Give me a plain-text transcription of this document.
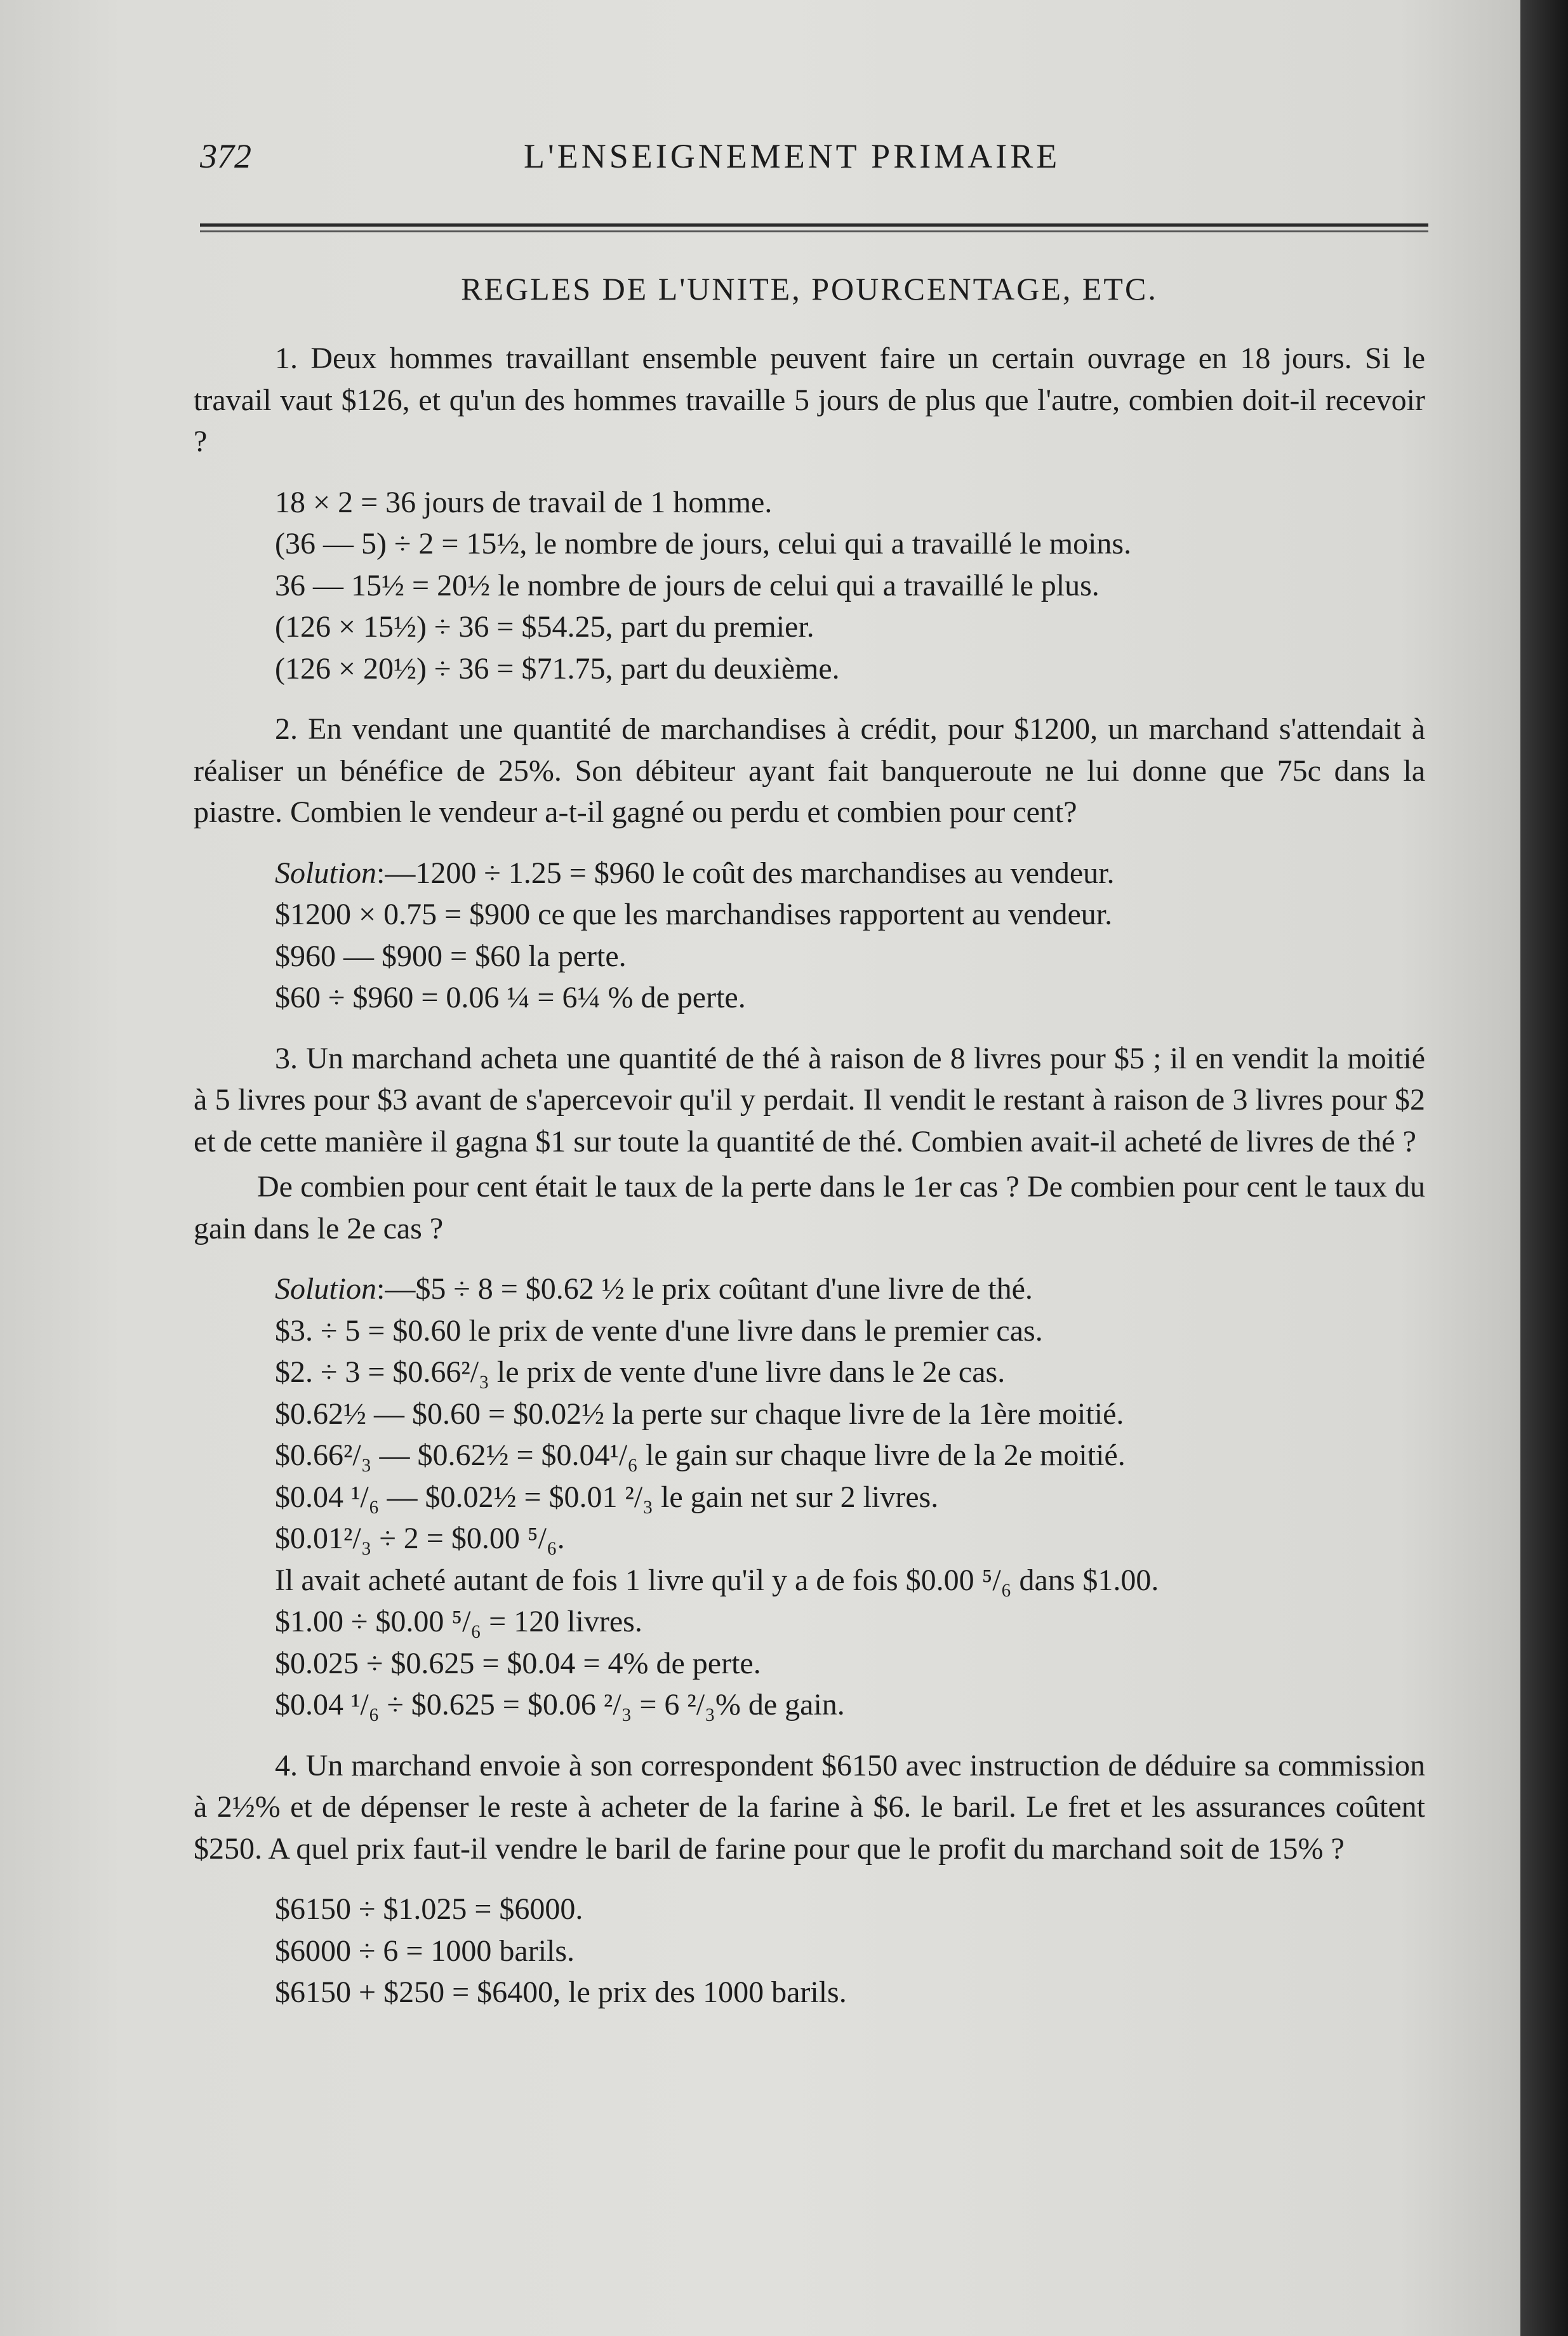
372	L'ENSEIGNEMENT PRIMAIRE
REGLES DE L'UNITE, POURCENTAGE, ETC.

1. Deux hommes travaillant ensemble peuvent faire un certain ouvrage en 18 jours. Si le travail vaut $126, et qu'un des hommes travaille 5 jours de plus que l'autre, combien doit-il recevoir ?

18 × 2 = 36 jours de travail de 1 homme.

(36 — 5) ÷ 2 = 15½, le nombre de jours, celui qui a travaillé le moins.

36 — 15½ = 20½ le nombre de jours de celui qui a travaillé le plus.

(126 × 15½) ÷ 36 = $54.25, part du premier.

(126 × 20½) ÷ 36 = $71.75, part du deuxième.

2. En vendant une quantité de marchandises à crédit, pour $1200, un marchand s'attendait à réaliser un bénéfice de 25%. Son débiteur ayant fait banqueroute ne lui donne que 75c dans la piastre. Combien le vendeur a-t-il gagné ou perdu et combien pour cent?

Solution:—1200 ÷ 1.25 = $960 le coût des marchandises au vendeur.

$1200 × 0.75 = $900 ce que les marchandises rapportent au vendeur.

$960 — $900 = $60 la perte.

$60 ÷ $960 = 0.06 ¼ = 6¼ % de perte.

3. Un marchand acheta une quantité de thé à raison de 8 livres pour $5 ; il en vendit la moitié à 5 livres pour $3 avant de s'apercevoir qu'il y perdait. Il vendit le restant à raison de 3 livres pour $2 et de cette manière il gagna $1 sur toute la quantité de thé. Combien avait-il acheté de livres de thé ?

De combien pour cent était le taux de la perte dans le 1er cas ? De combien pour cent le taux du gain dans le 2e cas ?

Solution:—$5 ÷ 8 = $0.62 ½ le prix coûtant d'une livre de thé.

$3. ÷ 5 = $0.60 le prix de vente d'une livre dans le premier cas.

$2. ÷ 3 = $0.66²/₃ le prix de vente d'une livre dans le 2e cas.

$0.62½ — $0.60 = $0.02½ la perte sur chaque livre de la 1ère moitié.

$0.66²/₃ — $0.62½ = $0.04¹/₆ le gain sur chaque livre de la 2e moitié.

$0.04 ¹/₆ — $0.02½ = $0.01 ²/₃ le gain net sur 2 livres.

$0.01²/₃ ÷ 2 = $0.00 ⁵/₆.

Il avait acheté autant de fois 1 livre qu'il y a de fois $0.00 ⁵/₆ dans $1.00.

$1.00 ÷ $0.00 ⁵/₆ = 120 livres.

$0.025 ÷ $0.625 = $0.04 = 4% de perte.

$0.04 ¹/₆ ÷ $0.625 = $0.06 ²/₃ = 6 ²/₃% de gain.

4. Un marchand envoie à son correspondent $6150 avec instruction de déduire sa commission à 2½% et de dépenser le reste à acheter de la farine à $6. le baril. Le fret et les assurances coûtent $250. A quel prix faut-il vendre le baril de farine pour que le profit du marchand soit de 15% ?

$6150 ÷ $1.025 = $6000.

$6000 ÷ 6 = 1000 barils.

$6150 + $250 = $6400, le prix des 1000 barils.
